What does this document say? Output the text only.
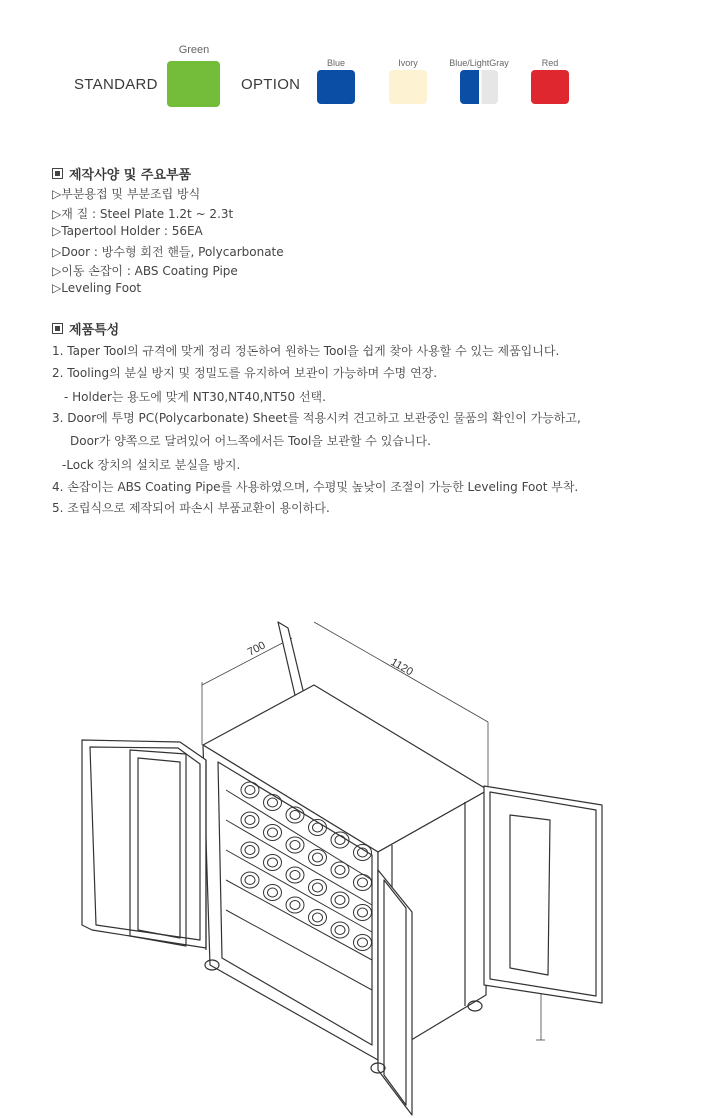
STANDARD
Green
OPTION
Blue	Ivory	Blue/LightGray	Red
제작사양 및 주요부품
▷부분용접 및 부분조립 방식
▷재 질 : Steel Plate 1.2t ~ 2.3t
▷Tapertool Holder : 56EA
▷Door : 방수형 회전 핸들, Polycarbonate
▷이동 손잡이 : ABS Coating Pipe
▷Leveling Foot
제품특성
1. Taper Tool의 규격에 맞게 정리 정돈하여 원하는 Tool을 쉽게 찾아 사용할 수 있는 제품입니다.
2. Tooling의 분실 방지 및 정밀도를 유지하여 보관이 가능하며 수명 연장.
- Holder는 용도에 맞게 NT30,NT40,NT50 선택.
3. Door에 투명 PC(Polycarbonate) Sheet를 적용시켜 견고하고 보관중인 물품의 확인이 가능하고,
Door가 양쪽으로 달려있어 어느쪽에서든 Tool을 보관할 수 있습니다.
-Lock 장치의 설치로 분실을 방지.
4. 손잡이는 ABS Coating Pipe를 사용하였으며, 수평및 높낮이 조절이 가능한 Leveling Foot 부착.
5. 조립식으로 제작되어 파손시 부품교환이 용이하다.
700
1120
